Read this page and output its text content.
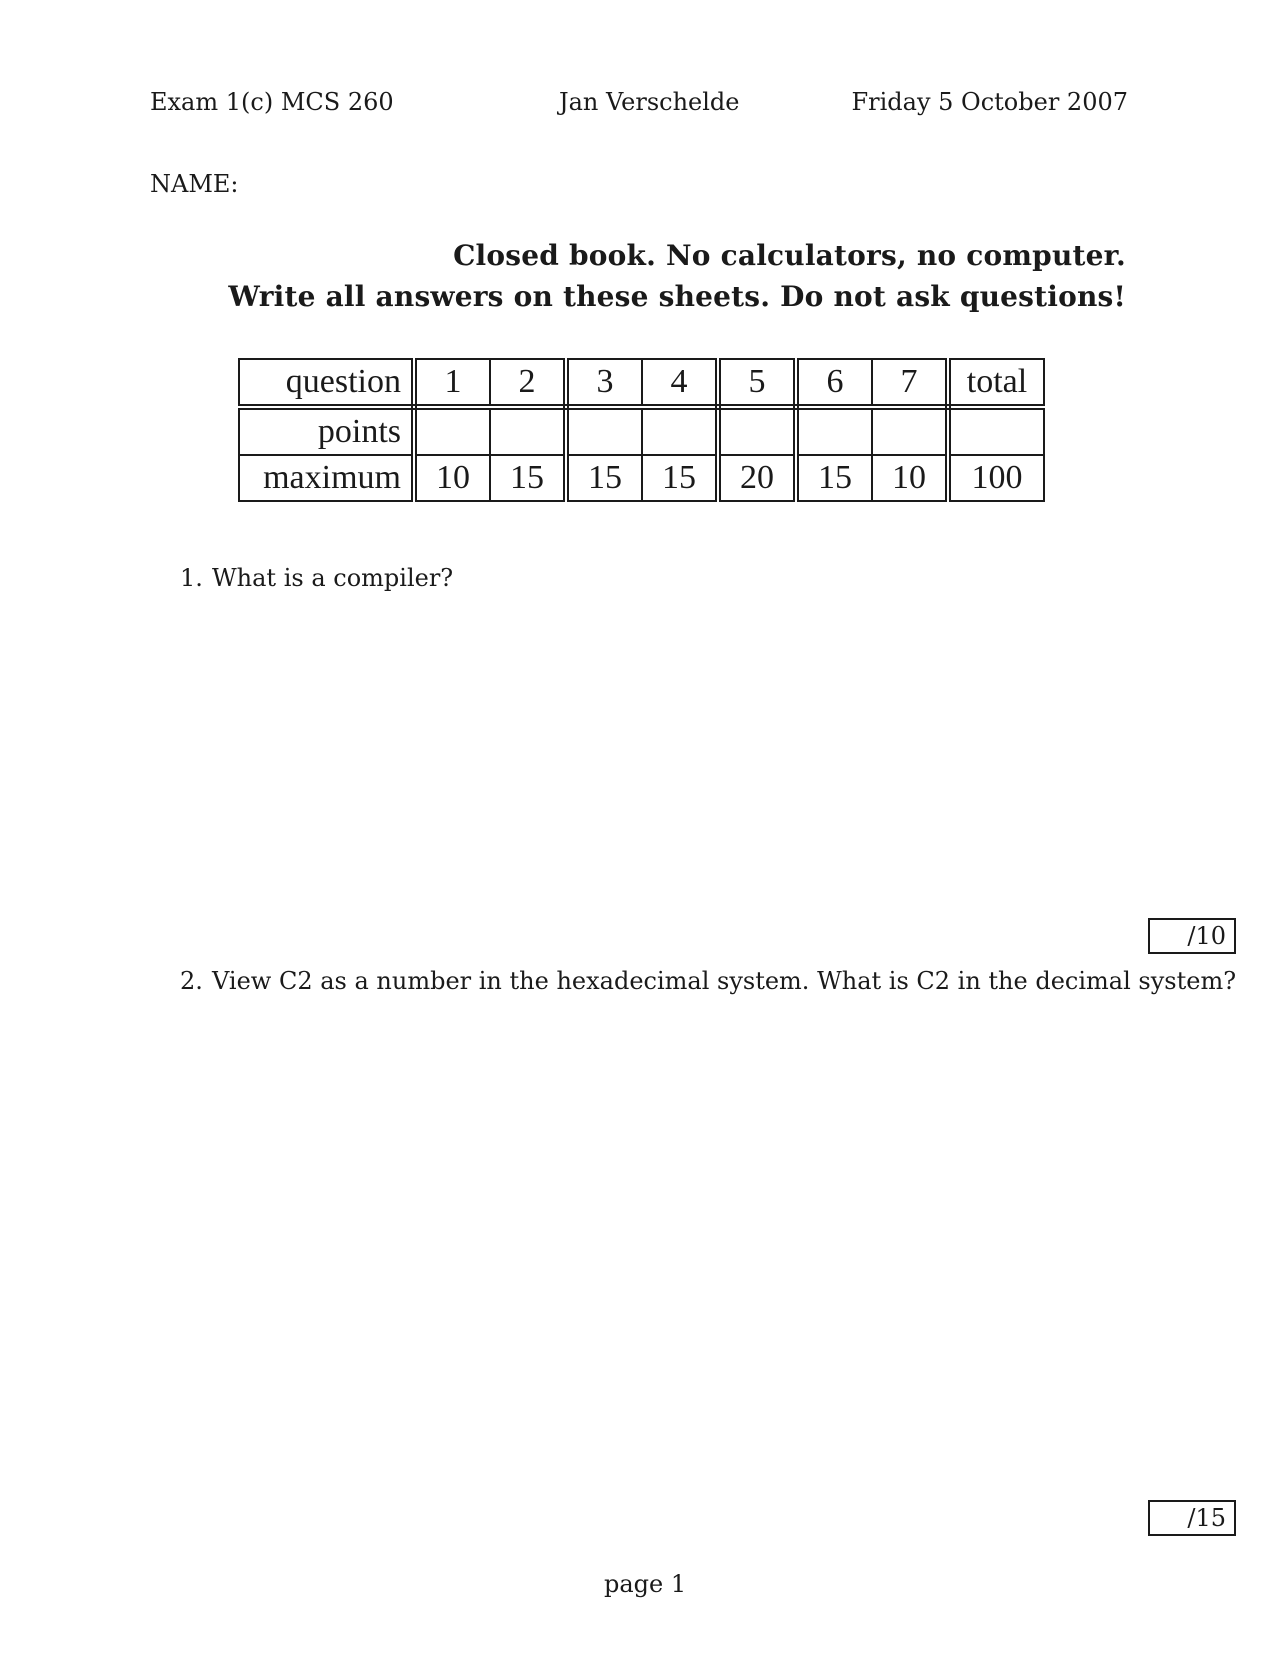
Exam 1(c) MCS 260	Jan Verschelde	Friday 5 October 2007
NAME:
Closed book. No calculators, no computer.
Write all answers on these sheets. Do not ask questions!
question	1	2	3	4	5	6	7	total
points								
maximum	10	15	15	15	20	15	10	100
1. What is a compiler?
/10
2. View C2 as a number in the hexadecimal system. What is C2 in the decimal system?
/15
page 1
